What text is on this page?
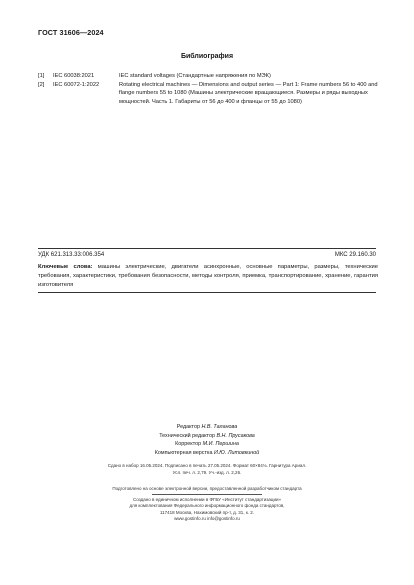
ГОСТ 31606—2024
Библиография
[1]	IEC 60038:2021	IEC standard voltages (Стандартные напряжения по МЭК)
[2]	IEC 60072-1:2022	Rotating electrical machines — Dimensions and output series — Part 1: Frame numbers 56 to 400 and flange numbers 55 to 1080 (Машины электрические вращающиеся. Размеры и ряды выходных мощностей. Часть 1. Габариты от 56 до 400 и фланцы от 55 до 1080)
УДК 621.313.33:006.354	МКС 29.160.30
Ключевые слова: машины электрические, двигатели асинхронные, основные параметры, размеры, технические требования, характеристики, требования безопасности, методы контроля, приемка, транспортирование, хранение, гарантия изготовителя
Редактор Н.В. Таланова
Технический редактор В.Н. Прусакова
Корректор М.И. Першина
Компьютерная верстка И.Ю. Литовкиной
Сдано в набор 16.05.2024. Подписано в печать 27.05.2024. Формат 60×84⅛. Гарнитура Ариал.
Усл. печ. л. 2,79. Уч.-изд. л. 2,26.
Подготовлено на основе электронной версии, предоставленной разработчиком стандарта
Создано в единичном исполнении в ФГБУ «Институт стандартизации»
для комплектования Федерального информационного фонда стандартов,
117418 Москва, Нахимовский пр-т, д. 31, к. 2.
www.gostinfo.ru info@gostinfo.ru
